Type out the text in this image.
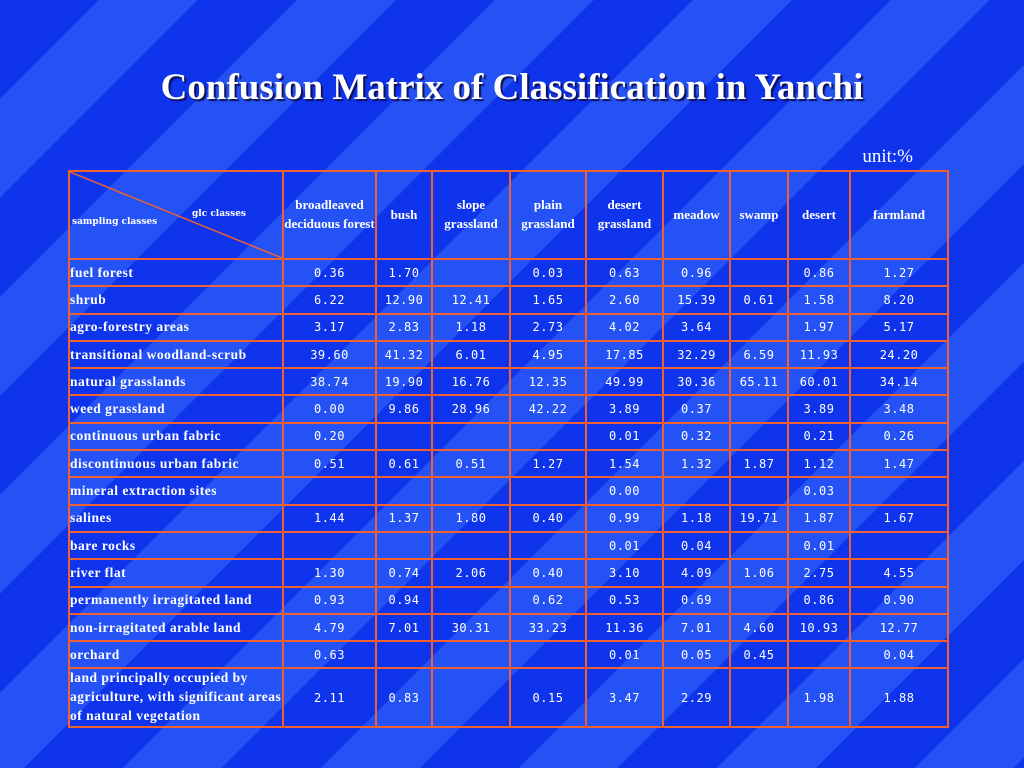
Confusion Matrix of Classification in Yanchi
unit:%
glc classes
sampling classes	broadleaved deciduous forest	bush	slope grassland	plain grassland	desert grassland	meadow	swamp	desert	farmland
fuel forest	0.36	1.70		0.03	0.63	0.96		0.86	1.27
shrub	6.22	12.90	12.41	1.65	2.60	15.39	0.61	1.58	8.20
agro-forestry areas	3.17	2.83	1.18	2.73	4.02	3.64		1.97	5.17
transitional woodland-scrub	39.60	41.32	6.01	4.95	17.85	32.29	6.59	11.93	24.20
natural grasslands	38.74	19.90	16.76	12.35	49.99	30.36	65.11	60.01	34.14
weed grassland	0.00	9.86	28.96	42.22	3.89	0.37		3.89	3.48
continuous urban fabric	0.20				0.01	0.32		0.21	0.26
discontinuous urban fabric	0.51	0.61	0.51	1.27	1.54	1.32	1.87	1.12	1.47
mineral extraction sites					0.00			0.03	
salines	1.44	1.37	1.80	0.40	0.99	1.18	19.71	1.87	1.67
bare rocks					0.01	0.04		0.01	
river flat	1.30	0.74	2.06	0.40	3.10	4.09	1.06	2.75	4.55
permanently irragitated land	0.93	0.94		0.62	0.53	0.69		0.86	0.90
non-irragitated arable land	4.79	7.01	30.31	33.23	11.36	7.01	4.60	10.93	12.77
orchard	0.63				0.01	0.05	0.45		0.04
land principally occupied by agriculture, with significant areas of natural vegetation	2.11	0.83		0.15	3.47	2.29		1.98	1.88
